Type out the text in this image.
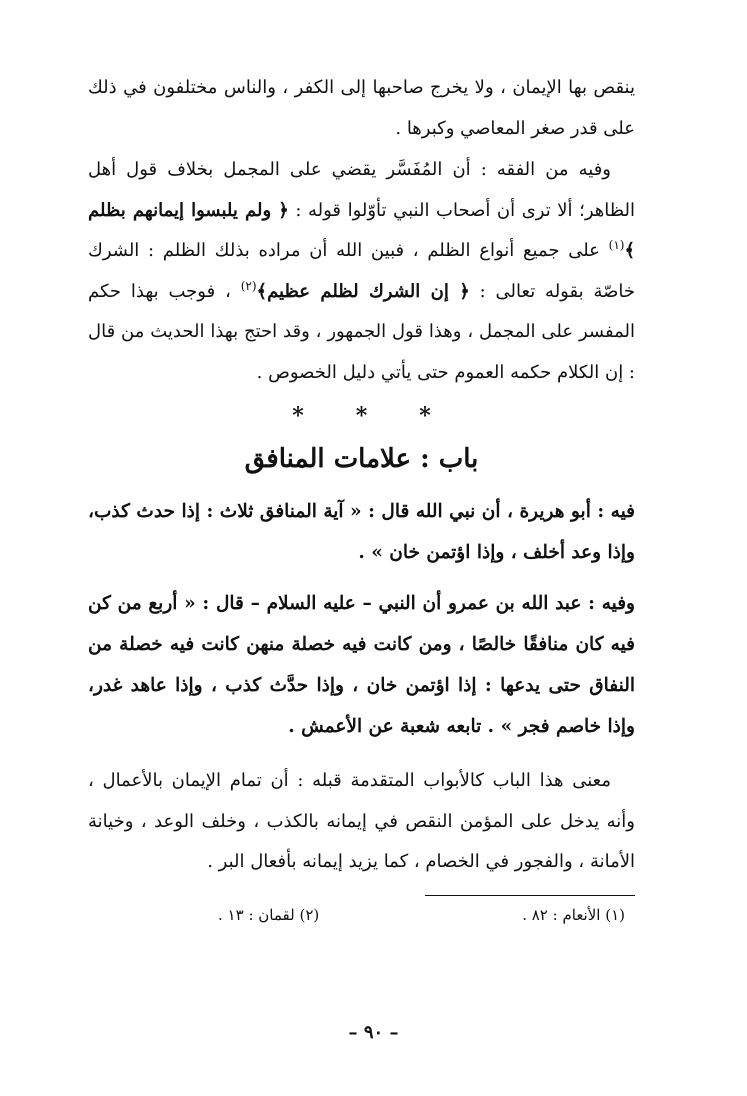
ينقص بها الإيمان ، ولا يخرج صاحبها إلى الكفر ، والناس مختلفون في ذلك على قدر صغر المعاصي وكبرها .

وفيه من الفقه : أن المُفَسَّر يقضي على المجمل بخلاف قول أهل الظاهر؛ ألا ترى أن أصحاب النبي تأوّلوا قوله : ﴿ ولم يلبسوا إيمانهم بظلم ﴾$^{(١)}$ على جميع أنواع الظلم ، فبين الله أن مراده بذلك الظلم : الشرك خاصّة بقوله تعالى : ﴿ إن الشرك لظلم عظيم﴾$^{(٢)}$ ، فوجب بهذا حكم المفسر على المجمل ، وهذا قول الجمهور ، وقد احتج بهذا الحديث من قال : إن الكلام حكمه العموم حتى يأتي دليل الخصوص .

* * *
باب : علامات المنافق

فيه : أبو هريرة ، أن نبي الله قال : « آية المنافق ثلاث : إذا حدث كذب، وإذا وعد أخلف ، وإذا اؤتمن خان » .

وفيه : عبد الله بن عمرو أن النبي – عليه السلام – قال : « أربع من كن فيه كان منافقًا خالصًا ، ومن كانت فيه خصلة منهن كانت فيه خصلة من النفاق حتى يدعها : إذا اؤتمن خان ، وإذا حدَّث كذب ، وإذا عاهد غدر، وإذا خاصم فجر » . تابعه شعبة عن الأعمش .

معنى هذا الباب كالأبواب المتقدمة قبله : أن تمام الإيمان بالأعمال ، وأنه يدخل على المؤمن النقص في إيمانه بالكذب ، وخلف الوعد ، وخيانة الأمانة ، والفجور في الخصام ، كما يزيد إيمانه بأفعال البر .

(١) الأنعام : ٨٢ .
(٢) لقمان : ١٣ .
– ٩٠ –
